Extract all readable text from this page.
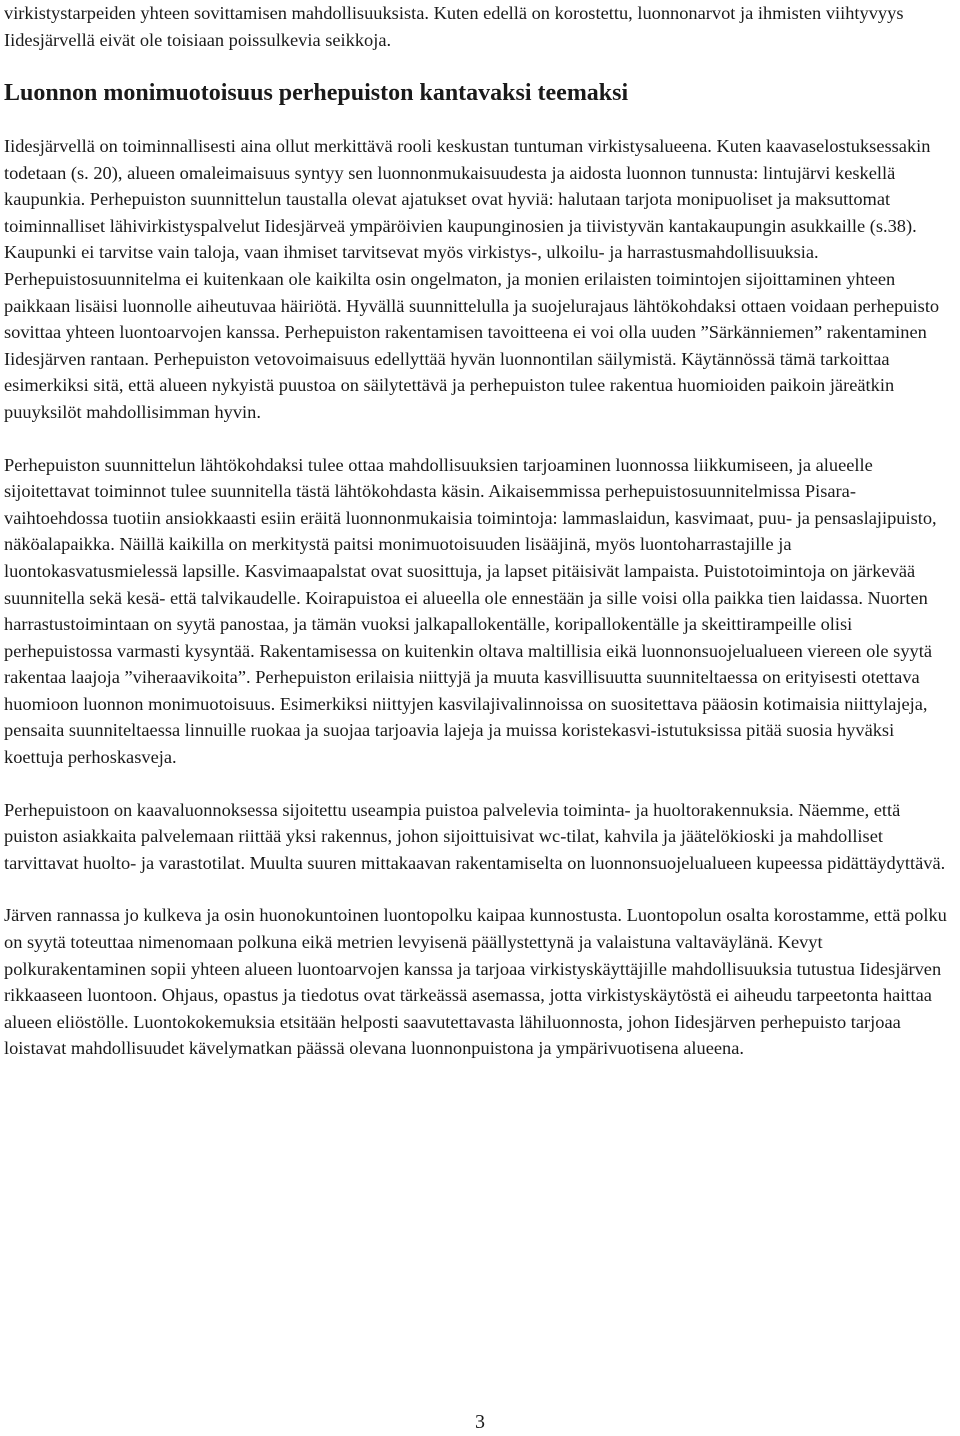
virkistystarpeiden yhteen sovittamisen mahdollisuuksista. Kuten edellä on korostettu, luonnonarvot ja ihmisten viihtyvyys Iidesjärvellä eivät ole toisiaan poissulkevia seikkoja.

Luonnon monimuotoisuus perhepuiston kantavaksi teemaksi

Iidesjärvellä on toiminnallisesti aina ollut merkittävä rooli keskustan tuntuman virkistysalueena. Kuten kaavaselostuksessakin todetaan (s. 20), alueen omaleimaisuus syntyy sen luonnonmukaisuudesta ja aidosta luonnon tunnusta: lintujärvi keskellä kaupunkia. Perhepuiston suunnittelun taustalla olevat ajatukset ovat hyviä: halutaan tarjota monipuoliset ja maksuttomat toiminnalliset lähivirkistyspalvelut Iidesjärveä ympäröivien kaupunginosien ja tiivistyvän kantakaupungin asukkaille (s.38). Kaupunki ei tarvitse vain taloja, vaan ihmiset tarvitsevat myös virkistys-, ulkoilu- ja harrastusmahdollisuuksia. Perhepuistosuunnitelma ei kuitenkaan ole kaikilta osin ongelmaton, ja monien erilaisten toimintojen sijoittaminen yhteen paikkaan lisäisi luonnolle aiheutuvaa häiriötä. Hyvällä suunnittelulla ja suojelurajaus lähtökohdaksi ottaen voidaan perhepuisto sovittaa yhteen luontoarvojen kanssa. Perhepuiston rakentamisen tavoitteena ei voi olla uuden ”Särkänniemen” rakentaminen Iidesjärven rantaan. Perhepuiston vetovoimaisuus edellyttää hyvän luonnontilan säilymistä. Käytännössä tämä tarkoittaa esimerkiksi sitä, että alueen nykyistä puustoa on säilytettävä ja perhepuiston tulee rakentua huomioiden paikoin järeätkin puuyksilöt mahdollisimman hyvin.

Perhepuiston suunnittelun lähtökohdaksi tulee ottaa mahdollisuuksien tarjoaminen luonnossa liikkumiseen, ja alueelle sijoitettavat toiminnot tulee suunnitella tästä lähtökohdasta käsin. Aikaisemmissa perhepuistosuunnitelmissa Pisara-vaihtoehdossa tuotiin ansiokkaasti esiin eräitä luonnonmukaisia toimintoja: lammaslaidun, kasvimaat, puu- ja pensaslajipuisto, näköalapaikka. Näillä kaikilla on merkitystä paitsi monimuotoisuuden lisääjinä, myös luontoharrastajille ja luontokasvatusmielessä lapsille. Kasvimaapalstat ovat suosittuja, ja lapset pitäisivät lampaista. Puistotoimintoja on järkevää suunnitella sekä kesä- että talvikaudelle. Koirapuistoa ei alueella ole ennestään ja sille voisi olla paikka tien laidassa. Nuorten harrastustoimintaan on syytä panostaa, ja tämän vuoksi jalkapallokentälle, koripallokentälle ja skeittirampeille olisi perhepuistossa varmasti kysyntää. Rakentamisessa on kuitenkin oltava maltillisia eikä luonnonsuojelualueen viereen ole syytä rakentaa laajoja ”viheraavikoita”. Perhepuiston erilaisia niittyjä ja muuta kasvillisuutta suunniteltaessa on erityisesti otettava huomioon luonnon monimuotoisuus. Esimerkiksi niittyjen kasvilajivalinnoissa on suositettava pääosin kotimaisia niittylajeja, pensaita suunniteltaessa linnuille ruokaa ja suojaa tarjoavia lajeja ja muissa koristekasvi-istutuksissa pitää suosia hyväksi koettuja perhoskasveja.

Perhepuistoon on kaavaluonnoksessa sijoitettu useampia puistoa palvelevia toiminta- ja huoltorakennuksia. Näemme, että puiston asiakkaita palvelemaan riittää yksi rakennus, johon sijoittuisivat wc-tilat, kahvila ja jäätelökioski ja mahdolliset tarvittavat huolto- ja varastotilat. Muulta suuren mittakaavan rakentamiselta on luonnonsuojelualueen kupeessa pidättäydyttävä.

Järven rannassa jo kulkeva ja osin huonokuntoinen luontopolku kaipaa kunnostusta. Luontopolun osalta korostamme, että polku on syytä toteuttaa nimenomaan polkuna eikä metrien levyisenä päällystettynä ja valaistuna valtaväylänä. Kevyt polkurakentaminen sopii yhteen alueen luontoarvojen kanssa ja tarjoaa virkistyskäyttäjille mahdollisuuksia tutustua Iidesjärven rikkaaseen luontoon. Ohjaus, opastus ja tiedotus ovat tärkeässä asemassa, jotta virkistyskäytöstä ei aiheudu tarpeetonta haittaa alueen eliöstölle. Luontokokemuksia etsitään helposti saavutettavasta lähiluonnosta, johon Iidesjärven perhepuisto tarjoaa loistavat mahdollisuudet kävelymatkan päässä olevana luonnonpuistona ja ympärivuotisena alueena.

3
